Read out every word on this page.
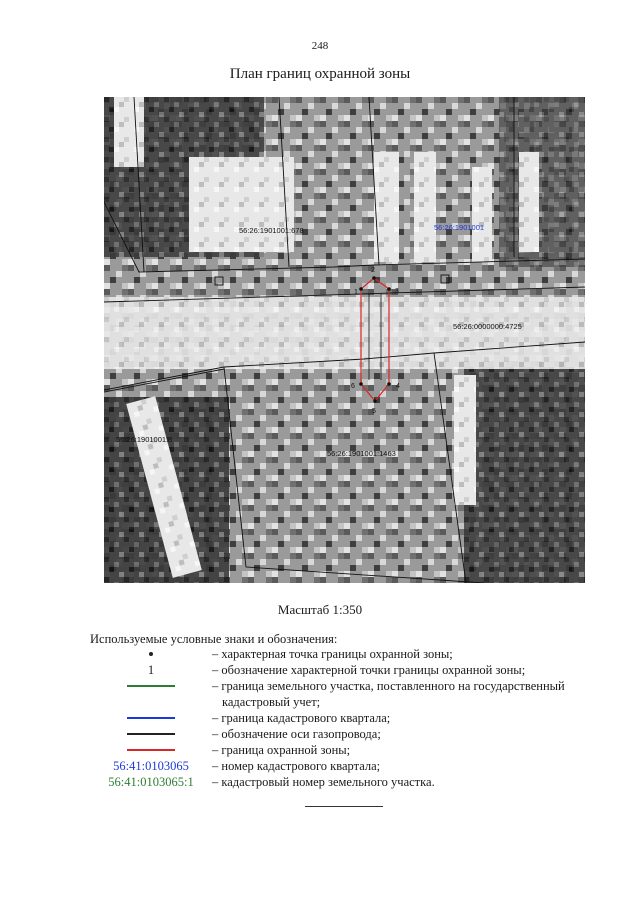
248
План границ охранной зоны
1
2
3
4
5
6
56:26:1901001:678	56:26:1901001
56:26:0000000:4725
56:26:1901001:8
56:26:1901001:1463
Масштаб 1:350
Используемые условные знаки и обозначения:
– характерная точка границы охранной зоны;
1	– обозначение характерной точки границы охранной зоны;
– граница земельного участка, поставленного на государственный
кадастровый учет;
– граница кадастрового квартала;
– обозначение оси газопровода;
– граница охранной зоны;
56:41:0103065	– номер кадастрового квартала;
56:41:0103065:1	– кадастровый номер земельного участка.
